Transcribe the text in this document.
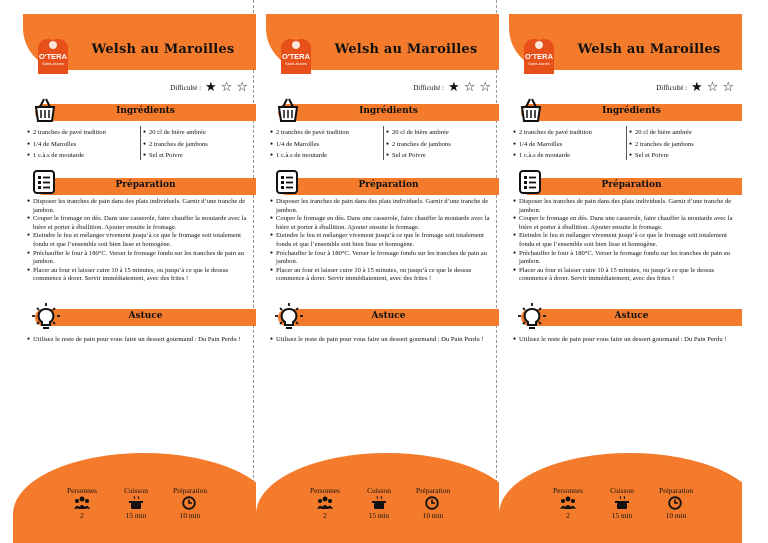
O'TERA
Saint-Aunes
Welsh au Maroilles
Difficulté : ★ ☆ ☆
Ingrédients
● 2 tranches de pavé tradition
● 1/4 de Maroilles
● 1 c.à.s de moutarde
● 20 cl de bière ambrée
● 2 tranches de jambons
● Sel et Poivre
Préparation
● Disposer les tranches de pain dans des plats individuels. Garnir d’une tranche de jambon.
● Couper le fromage en dés. Dans une casserole, faire chauffer la moutarde avec la bière et porter à ébullition. Ajouter ensuite le fromage.
● Eteindre le feu et mélanger vivement jusqu’à ce que le fromage soit totalement fondu et que l’ensemble soit bien lisse et homogène.
● Préchauffer le four à 180°C. Verser le fromage fondu sur les tranches de pain au jambon.
● Placer au four et laisser cuire 10 à 15 minutes, ou jusqu’à ce que le dessus commence à dorer. Servir immédiatement, avec des frites !
Astuce
● Utilisez le reste de pain pour vous faire un dessert gourmand : Du Pain Perdu !
Personnes	Cuisson	Préparation
2	15 min	10 min
O'TERA
Saint-Aunes
Welsh au Maroilles
Difficulté : ★ ☆ ☆
Ingrédients
● 2 tranches de pavé tradition
● 1/4 de Maroilles
● 1 c.à.s de moutarde
● 20 cl de bière ambrée
● 2 tranches de jambons
● Sel et Poivre
Préparation
● Disposer les tranches de pain dans des plats individuels. Garnir d’une tranche de jambon.
● Couper le fromage en dés. Dans une casserole, faire chauffer la moutarde avec la bière et porter à ébullition. Ajouter ensuite le fromage.
● Eteindre le feu et mélanger vivement jusqu’à ce que le fromage soit totalement fondu et que l’ensemble soit bien lisse et homogène.
● Préchauffer le four à 180°C. Verser le fromage fondu sur les tranches de pain au jambon.
● Placer au four et laisser cuire 10 à 15 minutes, ou jusqu’à ce que le dessus commence à dorer. Servir immédiatement, avec des frites !
Astuce
● Utilisez le reste de pain pour vous faire un dessert gourmand : Du Pain Perdu !
Personnes	Cuisson	Préparation
2	15 min	10 min
O'TERA
Saint-Aunes
Welsh au Maroilles
Difficulté : ★ ☆ ☆
Ingrédients
● 2 tranches de pavé tradition
● 1/4 de Maroilles
● 1 c.à.s de moutarde
● 20 cl de bière ambrée
● 2 tranches de jambons
● Sel et Poivre
Préparation
● Disposer les tranches de pain dans des plats individuels. Garnir d’une tranche de jambon.
● Couper le fromage en dés. Dans une casserole, faire chauffer la moutarde avec la bière et porter à ébullition. Ajouter ensuite le fromage.
● Eteindre le feu et mélanger vivement jusqu’à ce que le fromage soit totalement fondu et que l’ensemble soit bien lisse et homogène.
● Préchauffer le four à 180°C. Verser le fromage fondu sur les tranches de pain au jambon.
● Placer au four et laisser cuire 10 à 15 minutes, ou jusqu’à ce que le dessus commence à dorer. Servir immédiatement, avec des frites !
Astuce
● Utilisez le reste de pain pour vous faire un dessert gourmand : Du Pain Perdu !
Personnes	Cuisson	Préparation
2	15 min	10 min
